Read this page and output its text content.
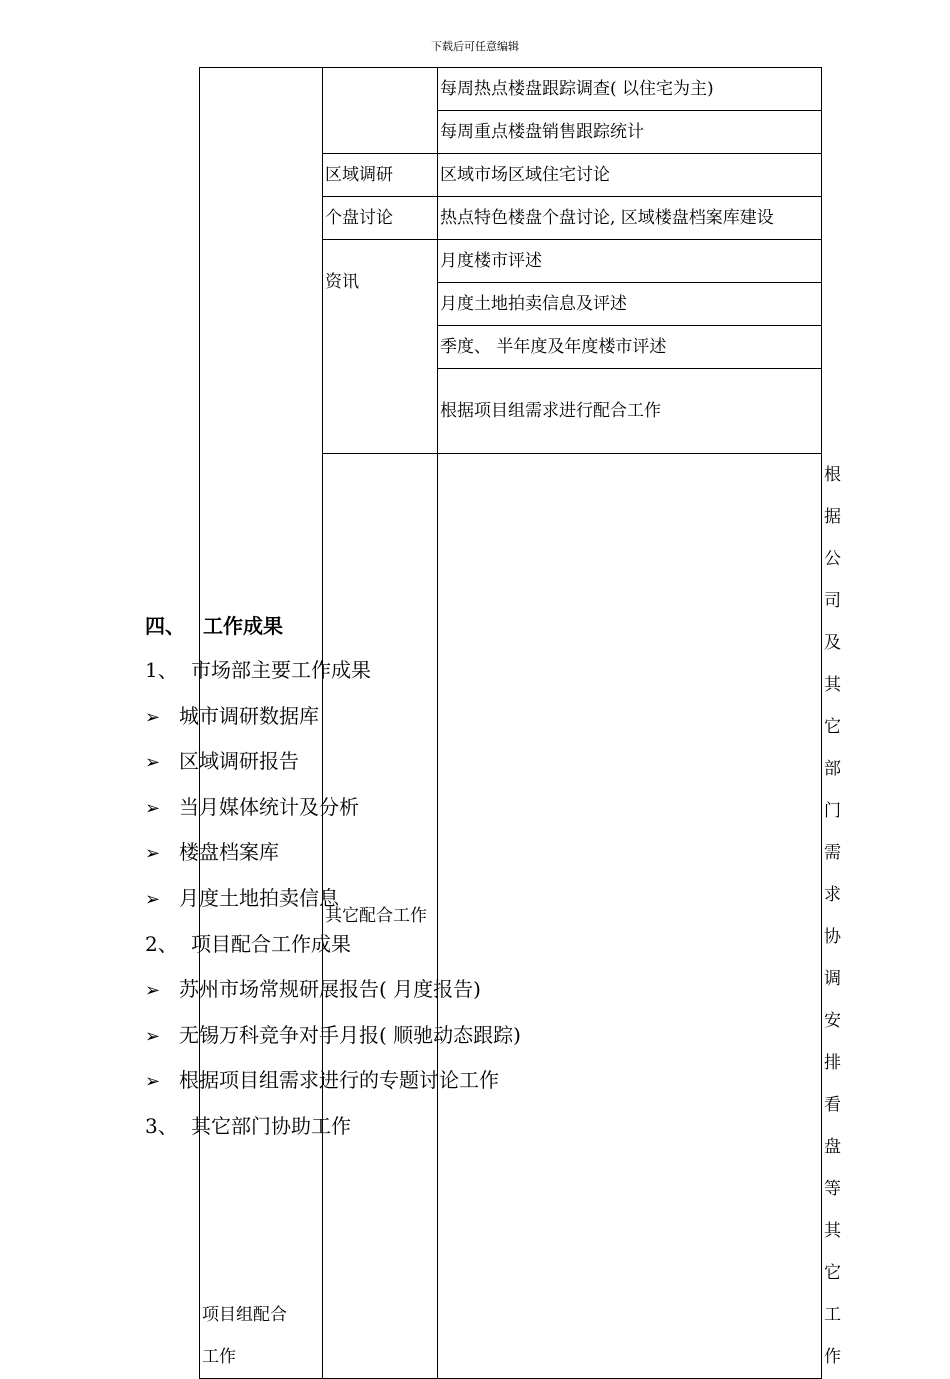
下载后可任意编辑
项目组配合工作		每周热点楼盘跟踪调查( 以住宅为主)	
		每周重点楼盘销售跟踪统计	
	区域调研	区域市场区域住宅讨论	
	个盘讨论	热点特色楼盘个盘讨论, 区域楼盘档案库建设	
	资讯	月度楼市评述	
		月度土地拍卖信息及评述	
		季度、 半年度及年度楼市评述	
		根据项目组需求进行配合工作	
	其它配合工作		根据公司及其它部门需求协调安排看盘等其它工作
四、 工作成果
1、 市场部主要工作成果
➢ 城市调研数据库
➢ 区域调研报告
➢ 当月媒体统计及分析
➢ 楼盘档案库
➢ 月度土地拍卖信息
2、 项目配合工作成果
➢ 苏州市场常规研展报告( 月度报告)
➢ 无锡万科竞争对手月报( 顺驰动态跟踪)
➢ 根据项目组需求进行的专题讨论工作
3、 其它部门协助工作
